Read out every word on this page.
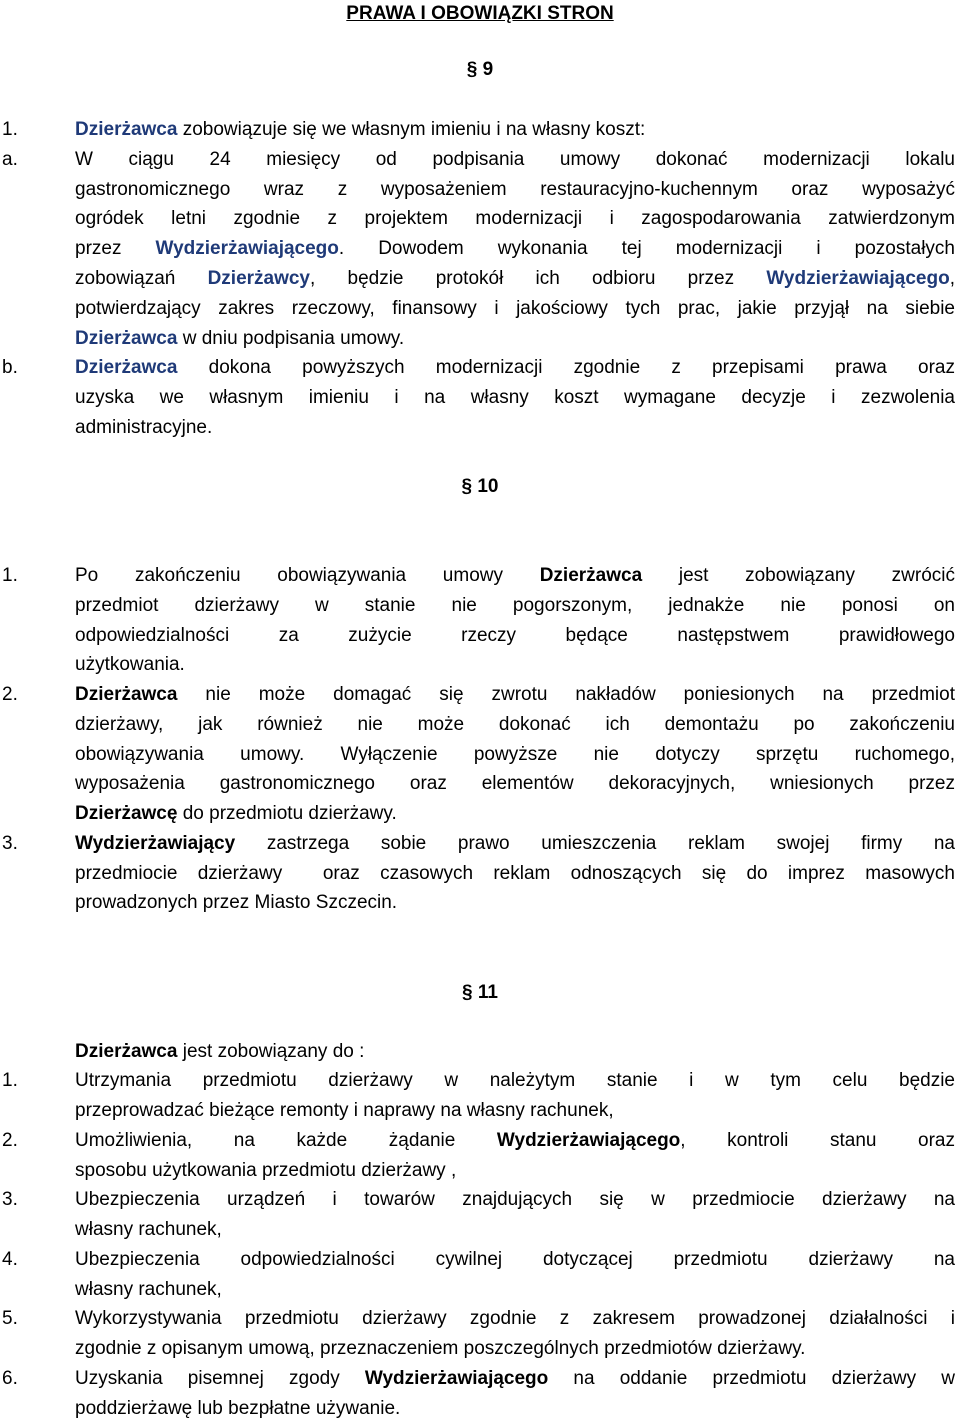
PRAWA I OBOWIĄZKI STRON
§ 9
1.	Dzierżawca zobowiązuje się we własnym imieniu i na własny koszt:
a.	W ciągu 24 miesięcy od podpisania umowy dokonać modernizacji lokalu
gastronomicznego wraz z wyposażeniem restauracyjno-kuchennym oraz wyposażyć
ogródek letni zgodnie z projektem modernizacji i zagospodarowania zatwierdzonym
przez Wydzierżawiającego. Dowodem wykonania tej modernizacji i pozostałych
zobowiązań Dzierżawcy, będzie protokół ich odbioru przez Wydzierżawiającego,
potwierdzający zakres rzeczowy, finansowy i jakościowy tych prac, jakie przyjął na siebie
Dzierżawca w dniu podpisania umowy.
b.	Dzierżawca dokona powyższych modernizacji zgodnie z przepisami prawa oraz
uzyska we własnym imieniu i na własny koszt wymagane decyzje i zezwolenia
administracyjne.
§ 10
1.	Po zakończeniu obowiązywania umowy Dzierżawca jest zobowiązany zwrócić
przedmiot dzierżawy w stanie nie pogorszonym, jednakże nie ponosi on
odpowiedzialności za zużycie rzeczy będące następstwem prawidłowego
użytkowania.
2.	Dzierżawca nie może domagać się zwrotu nakładów poniesionych na przedmiot
dzierżawy, jak również nie może dokonać ich demontażu po zakończeniu
obowiązywania umowy. Wyłączenie powyższe nie dotyczy sprzętu ruchomego,
wyposażenia gastronomicznego oraz elementów dekoracyjnych, wniesionych przez
Dzierżawcę do przedmiotu dzierżawy.
3.	Wydzierżawiający zastrzega sobie prawo umieszczenia reklam swojej firmy na
przedmiocie dzierżawy  oraz czasowych reklam odnoszących się do imprez masowych
prowadzonych przez Miasto Szczecin.
§ 11
Dzierżawca jest zobowiązany do :
1.	Utrzymania przedmiotu dzierżawy w należytym stanie i w tym celu będzie
przeprowadzać bieżące remonty i naprawy na własny rachunek,
2.	Umożliwienia, na każde żądanie Wydzierżawiającego, kontroli stanu oraz
sposobu użytkowania przedmiotu dzierżawy ,
3.	Ubezpieczenia urządzeń i towarów znajdujących się w przedmiocie dzierżawy na
własny rachunek,
4.	Ubezpieczenia odpowiedzialności cywilnej dotyczącej przedmiotu dzierżawy na
własny rachunek,
5.	Wykorzystywania przedmiotu dzierżawy zgodnie z zakresem prowadzonej działalności i
zgodnie z opisanym umową, przeznaczeniem poszczególnych przedmiotów dzierżawy.
6.	Uzyskania pisemnej zgody Wydzierżawiającego na oddanie przedmiotu dzierżawy w
poddzierżawę lub bezpłatne używanie.
